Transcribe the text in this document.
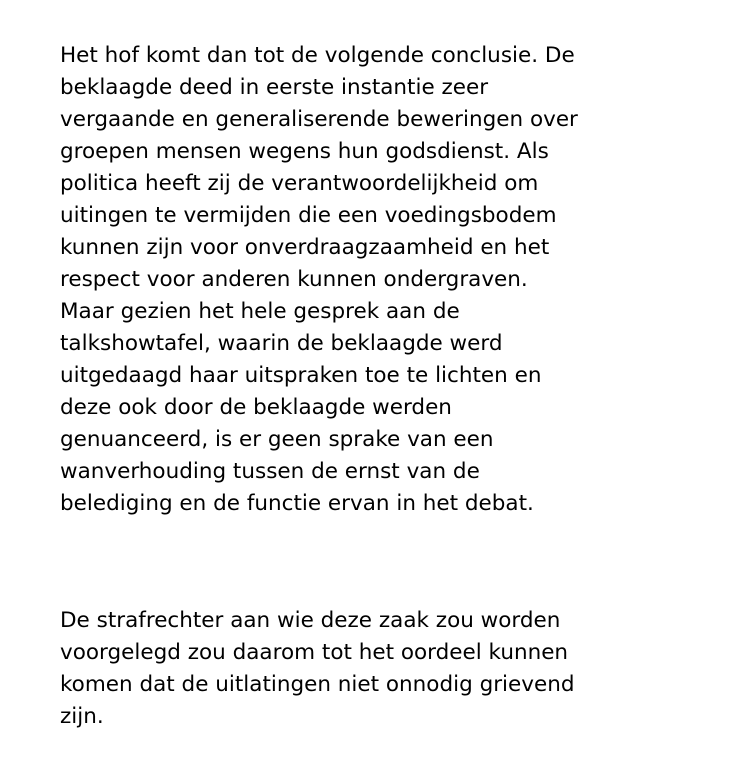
Het hof komt dan tot de volgende conclusie. De
beklaagde deed in eerste instantie zeer
vergaande en generaliserende beweringen over
groepen mensen wegens hun godsdienst. Als
politica heeft zij de verantwoordelijkheid om
uitingen te vermijden die een voedingsbodem
kunnen zijn voor onverdraagzaamheid en het
respect voor anderen kunnen ondergraven.
Maar gezien het hele gesprek aan de
talkshowtafel, waarin de beklaagde werd
uitgedaagd haar uitspraken toe te lichten en
deze ook door de beklaagde werden
genuanceerd, is er geen sprake van een
wanverhouding tussen de ernst van de
belediging en de functie ervan in het debat.

De strafrechter aan wie deze zaak zou worden
voorgelegd zou daarom tot het oordeel kunnen
komen dat de uitlatingen niet onnodig grievend
zijn.
